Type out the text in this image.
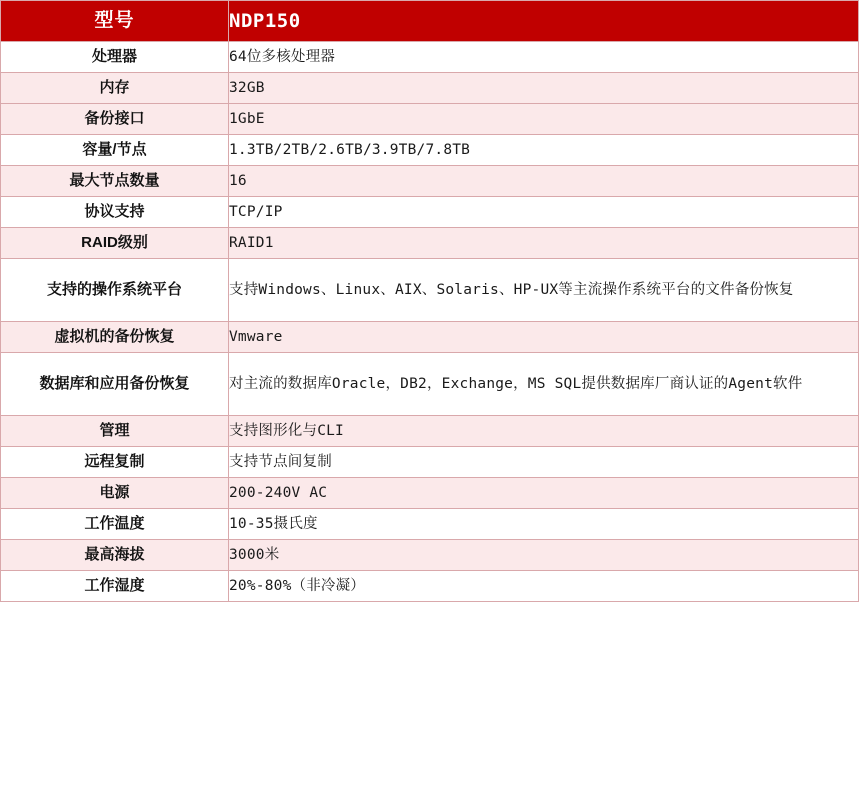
型号	NDP150
处理器	64位多核处理器
内存	32GB
备份接口	1GbE
容量/节点	1.3TB/2TB/2.6TB/3.9TB/7.8TB
最大节点数量	16
协议支持	TCP/IP
RAID级别	RAID1
支持的操作系统平台	支持Windows、Linux、AIX、Solaris、HP-UX等主流操作系统平台的文件备份恢复
虚拟机的备份恢复	Vmware
数据库和应用备份恢复	对主流的数据库Oracle，DB2，Exchange，MS SQL提供数据库厂商认证的Agent软件
管理	支持图形化与CLI
远程复制	支持节点间复制
电源	200-240V AC
工作温度	10-35摄氏度
最高海拔	3000米
工作湿度	20%-80%（非冷凝）
